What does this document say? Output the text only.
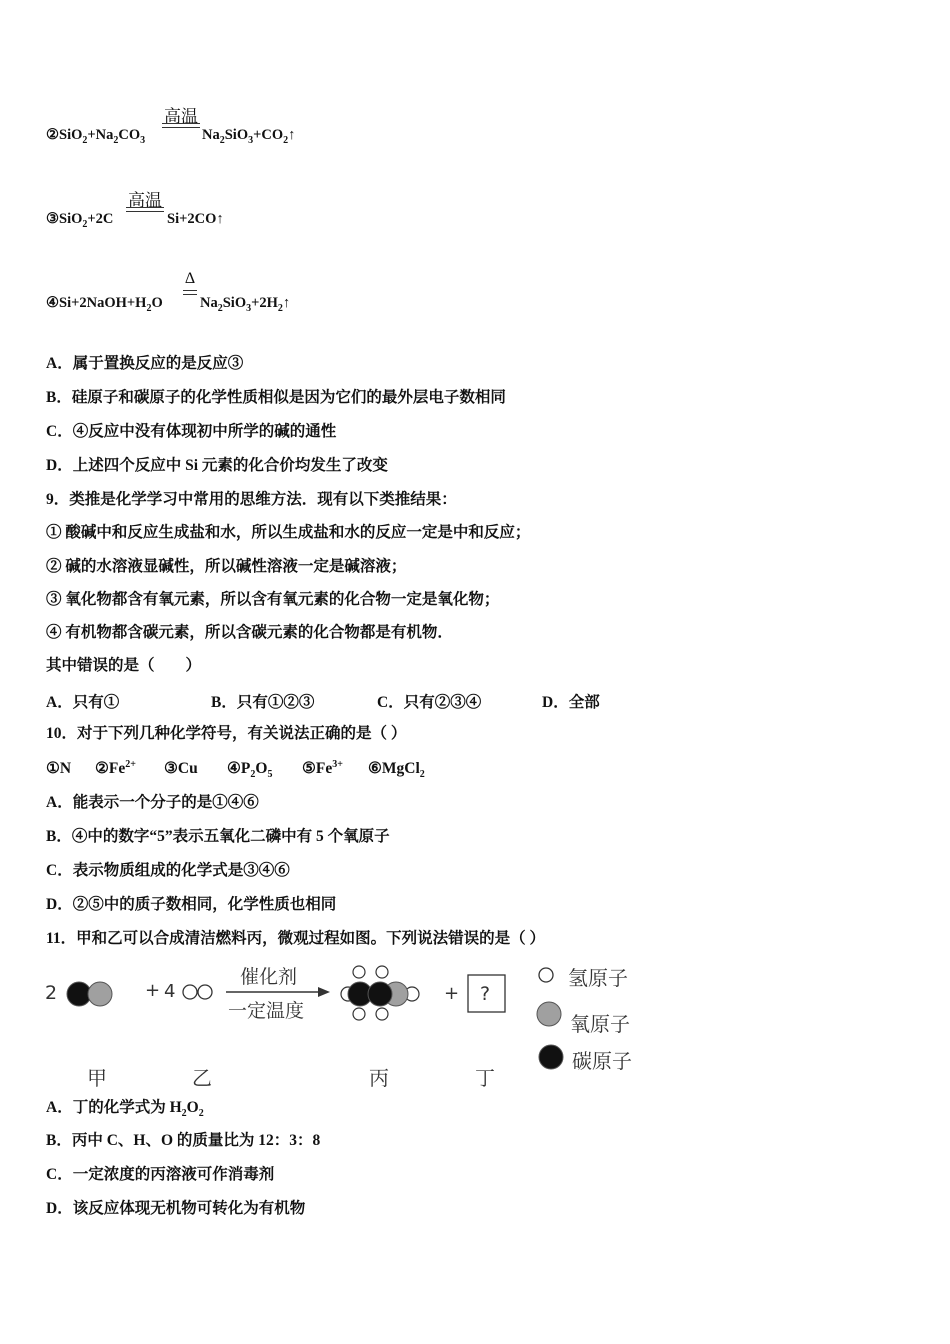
高温
$②SiO_2+Na_2CO_3$	$Na_2SiO_3+CO_2↑$
高温
③SiO$_2$+2C	Si+2CO↑
Δ
$④Si+2NaOH+H_2O$	$Na_2SiO_3+2H_2↑$
A．属于置换反应的是反应③
B．硅原子和碳原子的化学性质相似是因为它们的最外层电子数相同
C．④反应中没有体现初中所学的碱的通性
D．上述四个反应中 Si 元素的化合价均发生了改变
9．类推是化学学习中常用的思维方法．现有以下类推结果：
① 酸碱中和反应生成盐和水，所以生成盐和水的反应一定是中和反应；
② 碱的水溶液显碱性，所以碱性溶液一定是碱溶液；
③ 氧化物都含有氧元素，所以含有氧元素的化合物一定是氧化物；
④ 有机物都含碳元素，所以含碳元素的化合物都是有机物．
其中错误的是（　　）
A．只有①	B．只有①②③	C．只有②③④	D．全部
10．对于下列几种化学符号，有关说法正确的是（ ）
①N $②Fe^{2+}$ ③Cu $④P_2O_5$ $⑤Fe^{3+}$ ⑥MgCl$_2$
A．能表示一个分子的是①④⑥
B．④中的数字“5”表示五氧化二磷中有 5 个氧原子
C．表示物质组成的化学式是③④⑥
D．②⑤中的质子数相同，化学性质也相同
11．甲和乙可以合成清洁燃料丙，微观过程如图。下列说法错误的是（ ）
2	+ 4
催化剂
一定温度
+ ?
甲	乙	丙	丁
氢原子
氧原子
碳原子
A．丁的化学式为 $H_2O_2$
B．丙中 C、H、O 的质量比为 12：3：8
C．一定浓度的丙溶液可作消毒剂
D．该反应体现无机物可转化为有机物
